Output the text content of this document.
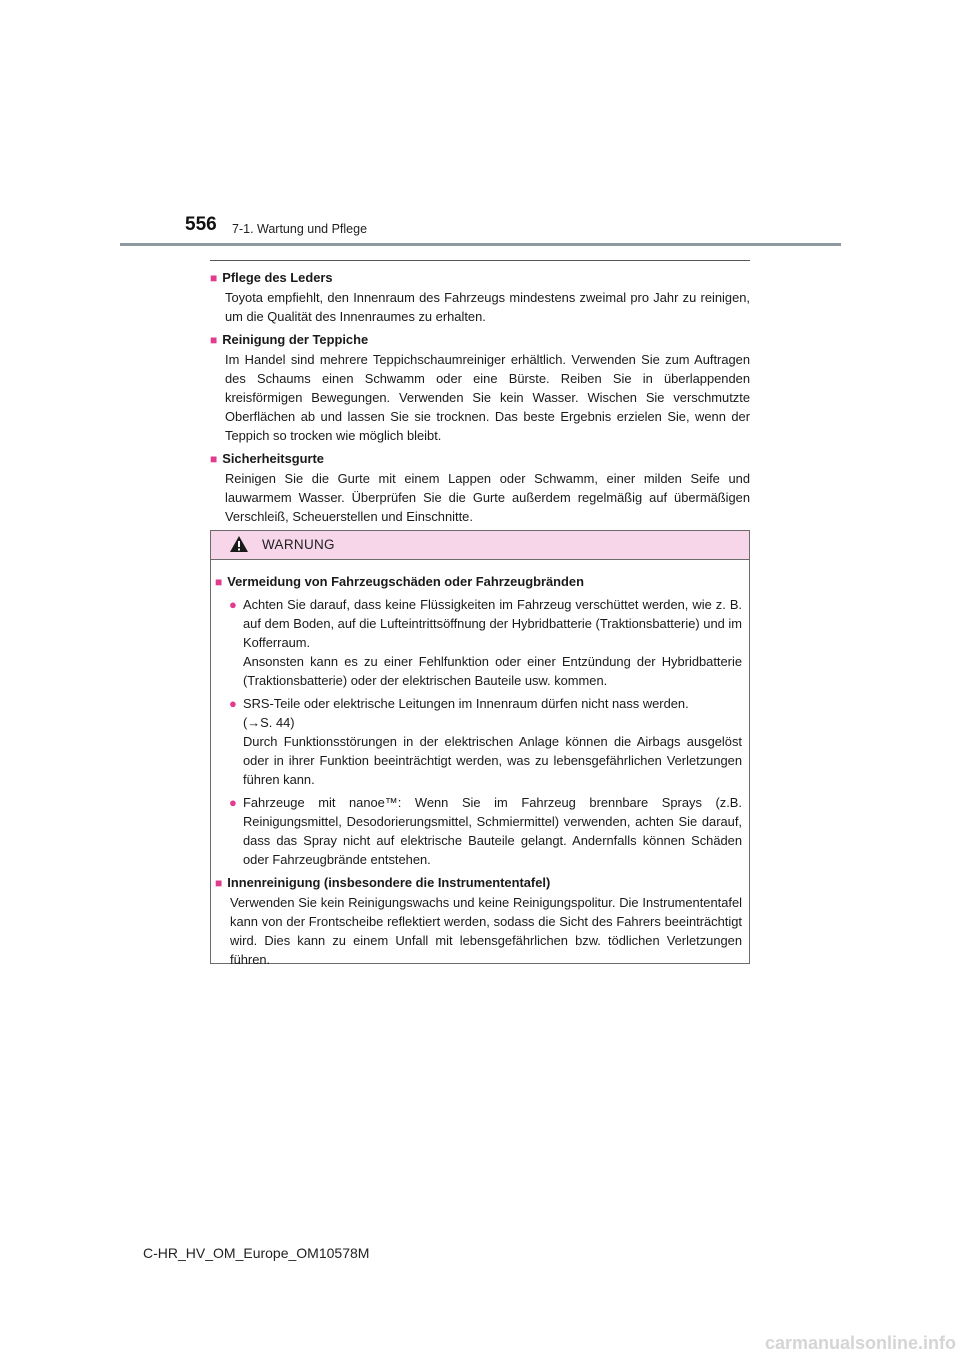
556 7-1. Wartung und Pflege
■ Pflege des Leders
Toyota empfiehlt, den Innenraum des Fahrzeugs mindestens zweimal pro Jahr zu reinigen, um die Qualität des Innenraumes zu erhalten.
■ Reinigung der Teppiche
Im Handel sind mehrere Teppichschaumreiniger erhältlich. Verwenden Sie zum Auftragen des Schaums einen Schwamm oder eine Bürste. Reiben Sie in überlappenden kreisförmigen Bewegungen. Verwenden Sie kein Wasser. Wischen Sie verschmutzte Oberflächen ab und lassen Sie sie trocknen. Das beste Ergebnis erzielen Sie, wenn der Teppich so trocken wie möglich bleibt.
■ Sicherheitsgurte
Reinigen Sie die Gurte mit einem Lappen oder Schwamm, einer milden Seife und lauwarmem Wasser. Überprüfen Sie die Gurte außerdem regelmäßig auf übermäßigen Verschleiß, Scheuerstellen und Einschnitte.
WARNUNG
■ Vermeidung von Fahrzeugschäden oder Fahrzeugbränden
● Achten Sie darauf, dass keine Flüssigkeiten im Fahrzeug verschüttet werden, wie z. B. auf dem Boden, auf die Lufteintrittsöffnung der Hybridbatterie (Traktionsbatterie) und im Kofferraum.
Ansonsten kann es zu einer Fehlfunktion oder einer Entzündung der Hybridbatterie (Traktionsbatterie) oder der elektrischen Bauteile usw. kommen.
● SRS-Teile oder elektrische Leitungen im Innenraum dürfen nicht nass werden.
(→S. 44)
Durch Funktionsstörungen in der elektrischen Anlage können die Airbags ausgelöst oder in ihrer Funktion beeinträchtigt werden, was zu lebensgefährlichen Verletzungen führen kann.
● Fahrzeuge mit nanoe™: Wenn Sie im Fahrzeug brennbare Sprays (z.B. Reinigungsmittel, Desodorierungsmittel, Schmiermittel) verwenden, achten Sie darauf, dass das Spray nicht auf elektrische Bauteile gelangt. Andernfalls können Schäden oder Fahrzeugbrände entstehen.
■ Innenreinigung (insbesondere die Instrumententafel)
Verwenden Sie kein Reinigungswachs und keine Reinigungspolitur. Die Instrumententafel kann von der Frontscheibe reflektiert werden, sodass die Sicht des Fahrers beeinträchtigt wird. Dies kann zu einem Unfall mit lebensgefährlichen bzw. tödlichen Verletzungen führen.
C-HR_HV_OM_Europe_OM10578M
carmanualsonline.info
